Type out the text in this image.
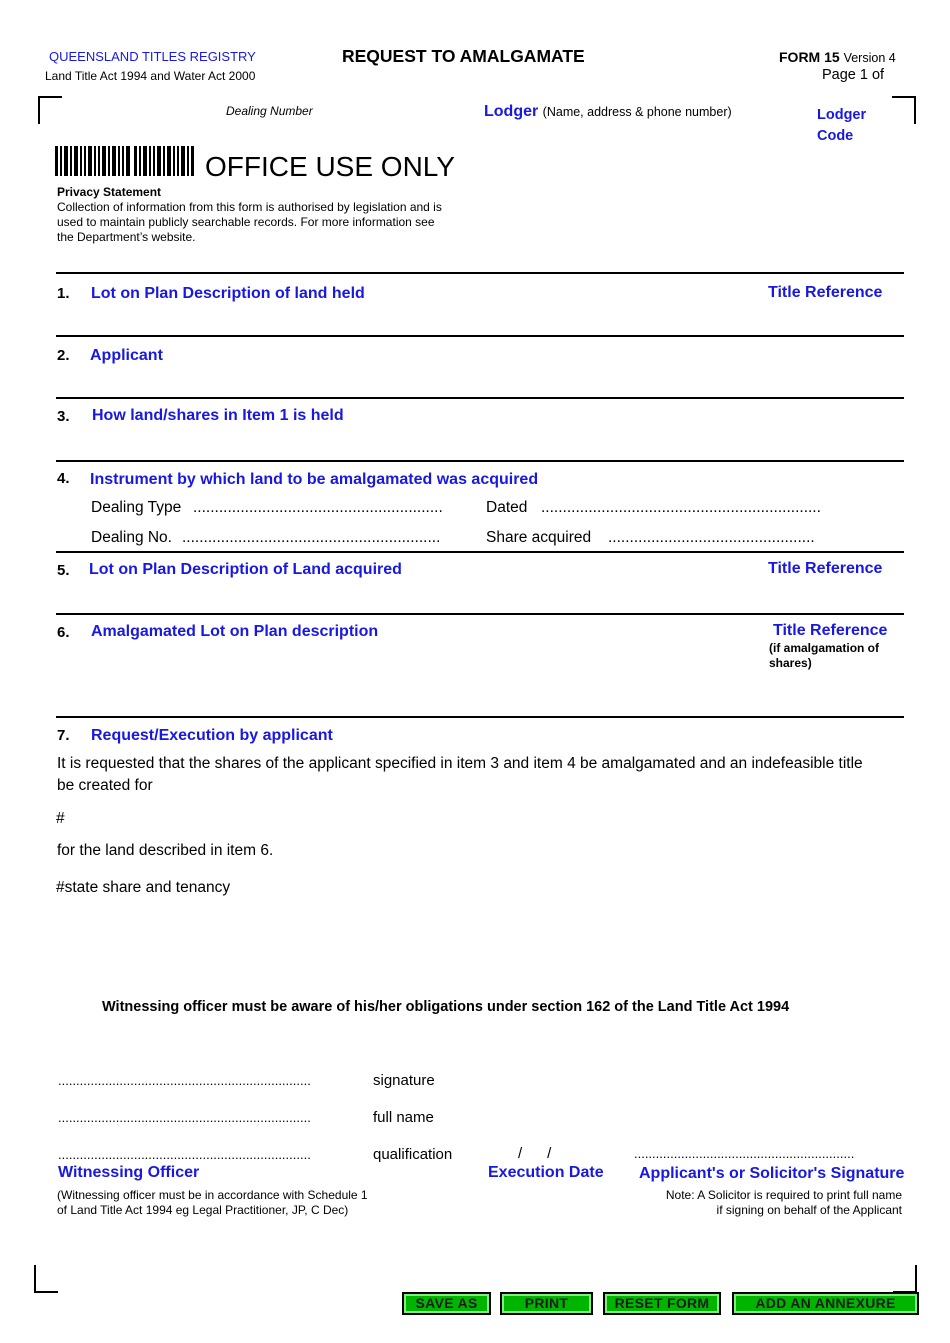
QUEENSLAND TITLES REGISTRY
Land Title Act 1994 and Water Act 2000
REQUEST TO AMALGAMATE	FORM 15 Version 4
Page 1 of
Dealing Number	Lodger (Name, address & phone number)	Lodger
Code
OFFICE USE ONLY
Privacy Statement
Collection of information from this form is authorised by legislation and is
used to maintain publicly searchable records. For more information see
the Department’s website.
1. Lot on Plan Description of land held	Title Reference
2. Applicant
3. How land/shares in Item 1 is held
4. Instrument by which land to be amalgamated was acquired
Dealing Type ..........................................................	Dated .................................................................
Dealing No. ............................................................	Share acquired ................................................
5. Lot on Plan Description of Land acquired	Title Reference
6. Amalgamated Lot on Plan description	Title Reference
(if amalgamation of
shares)
7. Request/Execution by applicant
It is requested that the shares of the applicant specified in item 3 and item 4 be amalgamated and an indefeasible title
be created for
#
for the land described in item 6.
#state share and tenancy
Witnessing officer must be aware of his/her obligations under section 162 of the Land Title Act 1994
......................................................................	signature
......................................................................	full name
......................................................................	qualification	/      /	.............................................................
Witnessing Officer	Execution Date Applicant's or Solicitor's Signature
(Witnessing officer must be in accordance with Schedule 1
of Land Title Act 1994 eg Legal Practitioner, JP, C Dec)
Note: A Solicitor is required to print full name
if signing on behalf of the Applicant
SAVE AS	PRINT	RESET FORM	ADD AN ANNEXURE
